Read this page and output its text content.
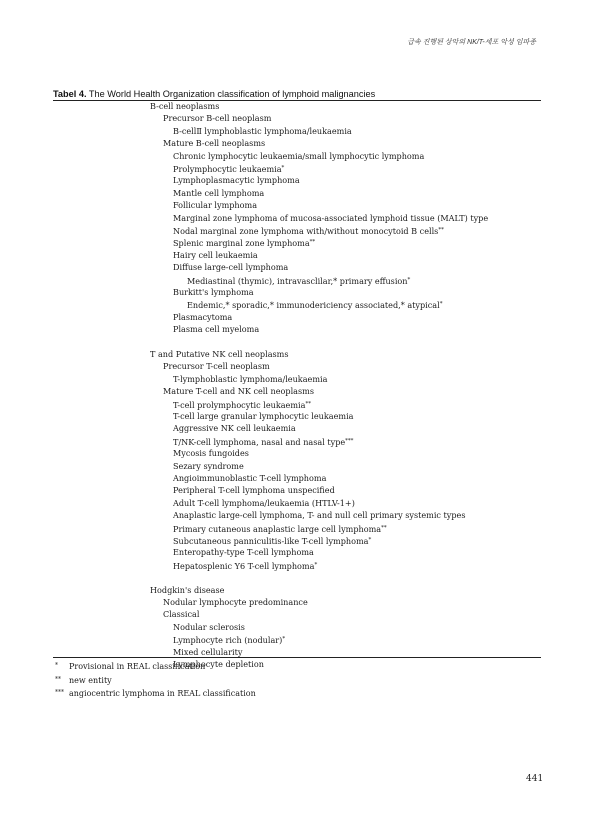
급속 진행된 상악의 NK/T-세포 악성 임파종
Tabel 4. The World Health Organization classification of lymphoid malignancies
B-cell neoplasms
Precursor B-cell neoplasm
B-cellⅡ lymphoblastic lymphoma/leukaemia
Mature B-cell neoplasms
Chronic lymphocytic leukaemia/small lymphocytic lymphoma
Prolymphocytic leukaemia*
Lymphoplasmacytic lymphoma
Mantle cell lymphoma
Follicular lymphoma
Marginal zone lymphoma of mucosa-associated lymphoid tissue (MALT) type
Nodal marginal zone lymphoma with/without monocytoid B cells**
Splenic marginal zone lymphoma**
Hairy cell leukaemia
Diffuse large-cell lymphoma
Mediastinal (thymic), intravasclilar,* primary effusion*
Burkitt's lymphoma
Endemic,* sporadic,* immunodericiency associated,* atypical*
Plasmacytoma
Plasma cell myeloma
T and Putative NK cell neoplasms
Precursor T-cell neoplasm
T-lymphoblastic lymphoma/leukaemia
Mature T-cell and NK cell neoplasms
T-cell prolymphocytic leukaemia**
T-cell large granular lymphocytic leukaemia
Aggressive NK cell leukaemia
T/NK-cell lymphoma, nasal and nasal type***
Mycosis fungoides
Sezary syndrome
Angioimmunoblastic T-cell lymphoma
Peripheral T-cell lymphoma unspecified
Adult T-cell lymphoma/leukaemia (HTLV-1+)
Anaplastic large-cell lymphoma, T- and null cell primary systemic types
Primary cutaneous anaplastic large cell lymphoma**
Subcutaneous panniculitis-like T-cell lymphoma*
Enteropathy-type T-cell lymphoma
Hepatosplenic Y6 T-cell lymphoma*
Hodgkin's disease
Nodular lymphocyte predominance
Classical
Nodular sclerosis
Lymphocyte rich (nodular)*
Mixed cellularity
Lymphocyte depletion
* Provisional in REAL classification
** new entity
*** angiocentric lymphoma in REAL classification
441
